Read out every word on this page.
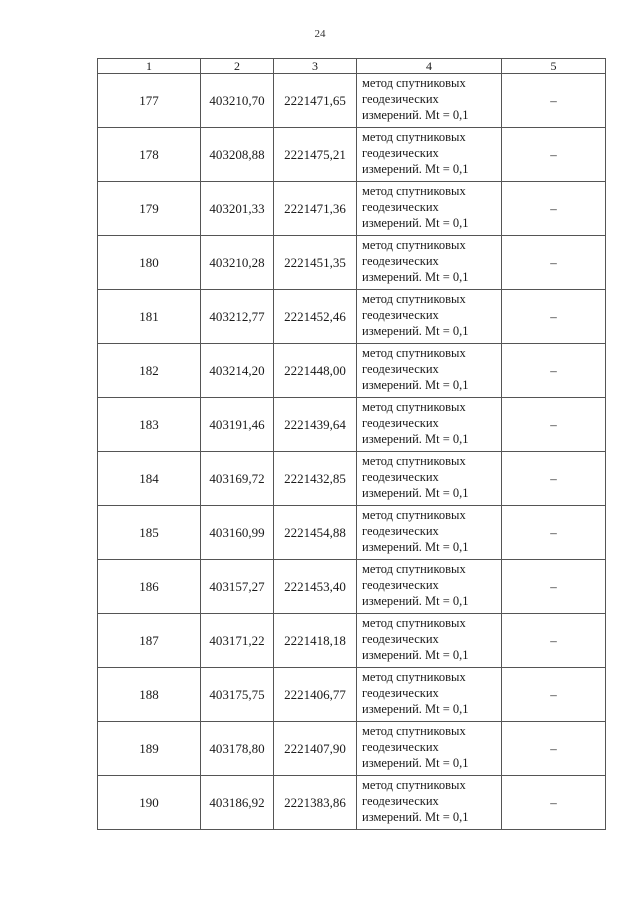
24
1	2	3	4	5
177	403210,70	2221471,65	метод спутниковых
геодезических
измерений. Mt = 0,1	–
178	403208,88	2221475,21	метод спутниковых
геодезических
измерений. Mt = 0,1	–
179	403201,33	2221471,36	метод спутниковых
геодезических
измерений. Mt = 0,1	–
180	403210,28	2221451,35	метод спутниковых
геодезических
измерений. Mt = 0,1	–
181	403212,77	2221452,46	метод спутниковых
геодезических
измерений. Mt = 0,1	–
182	403214,20	2221448,00	метод спутниковых
геодезических
измерений. Mt = 0,1	–
183	403191,46	2221439,64	метод спутниковых
геодезических
измерений. Mt = 0,1	–
184	403169,72	2221432,85	метод спутниковых
геодезических
измерений. Mt = 0,1	–
185	403160,99	2221454,88	метод спутниковых
геодезических
измерений. Mt = 0,1	–
186	403157,27	2221453,40	метод спутниковых
геодезических
измерений. Mt = 0,1	–
187	403171,22	2221418,18	метод спутниковых
геодезических
измерений. Mt = 0,1	–
188	403175,75	2221406,77	метод спутниковых
геодезических
измерений. Mt = 0,1	–
189	403178,80	2221407,90	метод спутниковых
геодезических
измерений. Mt = 0,1	–
190	403186,92	2221383,86	метод спутниковых
геодезических
измерений. Mt = 0,1	–
